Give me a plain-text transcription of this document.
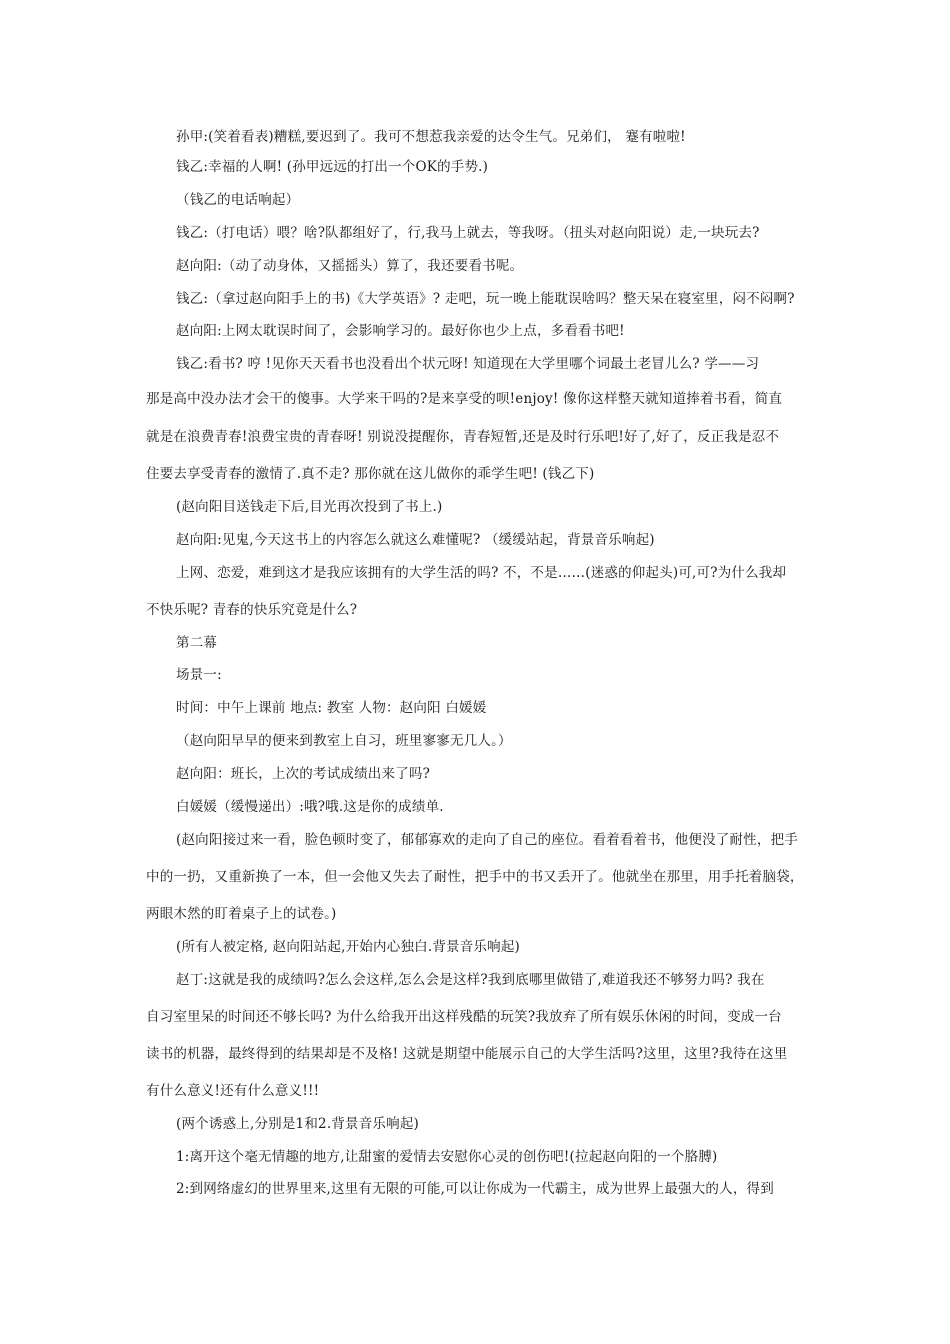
孙甲:(笑着看表)糟糕,要迟到了。我可不想惹我亲爱的达令生气。兄弟们， 蹇有啦啦!
钱乙:幸福的人啊! (孙甲远远的打出一个OK的手势.)
（钱乙的电话响起）
钱乙:（打电话）喂？啥?队都组好了，行,我马上就去，等我呀。（扭头对赵向阳说）走,一块玩去?
赵向阳:（动了动身体，又摇摇头）算了，我还要看书呢。
钱乙:（拿过赵向阳手上的书)《大学英语》? 走吧，玩一晚上能耽误啥吗？整天呆在寝室里，闷不闷啊?
赵向阳:上网太耽误时间了，会影响学习的。最好你也少上点，多看看书吧!
钱乙:看书? 哼 !见你天天看书也没看出个状元呀! 知道现在大学里哪个词最土老冒儿么? 学——习
那是高中没办法才会干的傻事。大学来干吗的?是来享受的呗!enjoy! 像你这样整天就知道捧着书看，简直
就是在浪费青春!浪费宝贵的青春呀! 别说没提醒你，青春短暂,还是及时行乐吧!好了,好了，反正我是忍不
住要去享受青春的激情了.真不走? 那你就在这儿做你的乖学生吧! (钱乙下)
(赵向阳目送钱走下后,目光再次投到了书上.)
赵向阳:见鬼,今天这书上的内容怎么就这么难懂呢? （缓缓站起，背景音乐响起)
上网、恋爱，难到这才是我应该拥有的大学生活的吗? 不，不是……(迷惑的仰起头)可,可?为什么我却
不快乐呢? 青春的快乐究竟是什么?
第二幕
场景一:
时间：中午上课前 地点: 教室 人物：赵向阳 白媛媛
（赵向阳早早的便来到教室上自习，班里寥寥无几人。）
赵向阳：班长，上次的考试成绩出来了吗?
白媛媛（缓慢递出）:哦?哦.这是你的成绩单.
(赵向阳接过来一看，脸色顿时变了，郁郁寡欢的走向了自己的座位。看着看着书，他便没了耐性，把手
中的一扔，又重新换了一本，但一会他又失去了耐性，把手中的书又丢开了。他就坐在那里，用手托着脑袋，
两眼木然的盯着桌子上的试卷。)
(所有人被定格, 赵向阳站起,开始内心独白.背景音乐响起)
赵丁:这就是我的成绩吗?怎么会这样,怎么会是这样?我到底哪里做错了,难道我还不够努力吗? 我在
自习室里呆的时间还不够长吗? 为什么给我开出这样残酷的玩笑?我放弃了所有娱乐休闲的时间，变成一台
读书的机器，最终得到的结果却是不及格! 这就是期望中能展示自己的大学生活吗?这里，这里?我待在这里
有什么意义!还有什么意义!!!
(两个诱惑上,分别是1和2.背景音乐响起)
1:离开这个毫无情趣的地方,让甜蜜的爱情去安慰你心灵的创伤吧!(拉起赵向阳的一个胳膊)
2:到网络虚幻的世界里来,这里有无限的可能,可以让你成为一代霸主，成为世界上最强大的人，得到
